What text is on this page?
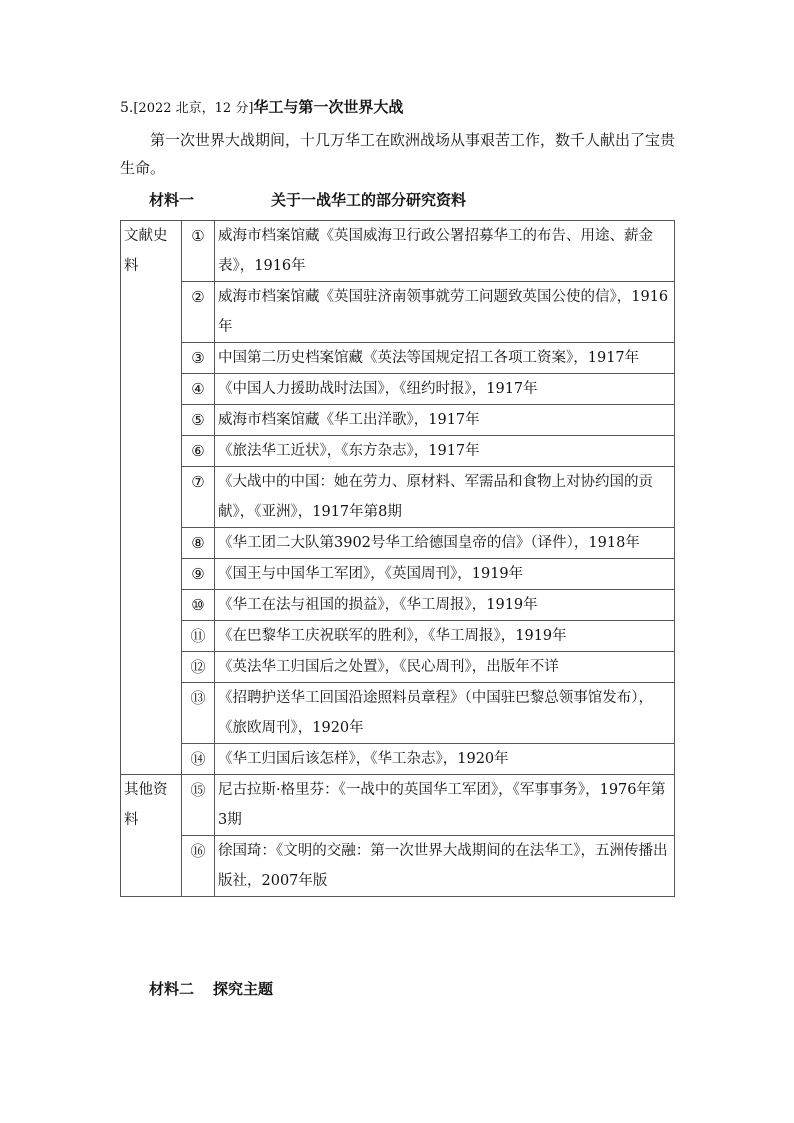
5.[2022 北京，12 分]华工与第一次世界大战
第一次世界大战期间，十几万华工在欧洲战场从事艰苦工作，数千人献出了宝贵生命。
材料一	关于一战华工的部分研究资料
文献史料	①	威海市档案馆藏《英国威海卫行政公署招募华工的布告、用途、薪金表》，1916年
	②	威海市档案馆藏《英国驻济南领事就劳工问题致英国公使的信》，1916年
	③	中国第二历史档案馆藏《英法等国规定招工各项工资案》，1917年
	④	《中国人力援助战时法国》，《纽约时报》，1917年
	⑤	威海市档案馆藏《华工出洋歌》，1917年
	⑥	《旅法华工近状》，《东方杂志》，1917年
	⑦	《大战中的中国：她在劳力、原材料、军需品和食物上对协约国的贡献》，《亚洲》，1917年第8期
	⑧	《华工团二大队第3902号华工给德国皇帝的信》（译件），1918年
	⑨	《国王与中国华工军团》，《英国周刊》，1919年
	⑩	《华工在法与祖国的损益》，《华工周报》，1919年
	⑪	《在巴黎华工庆祝联军的胜利》，《华工周报》，1919年
	⑫	《英法华工归国后之处置》，《民心周刊》，出版年不详
	⑬	《招聘护送华工回国沿途照料员章程》（中国驻巴黎总领事馆发布），《旅欧周刊》，1920年
	⑭	《华工归国后该怎样》，《华工杂志》，1920年
其他资料	⑮	尼古拉斯·格里芬：《一战中的英国华工军团》，《军事事务》，1976年第3期
	⑯	徐国琦：《文明的交融：第一次世界大战期间的在法华工》，五洲传播出版社，2007年版
材料二 探究主题
